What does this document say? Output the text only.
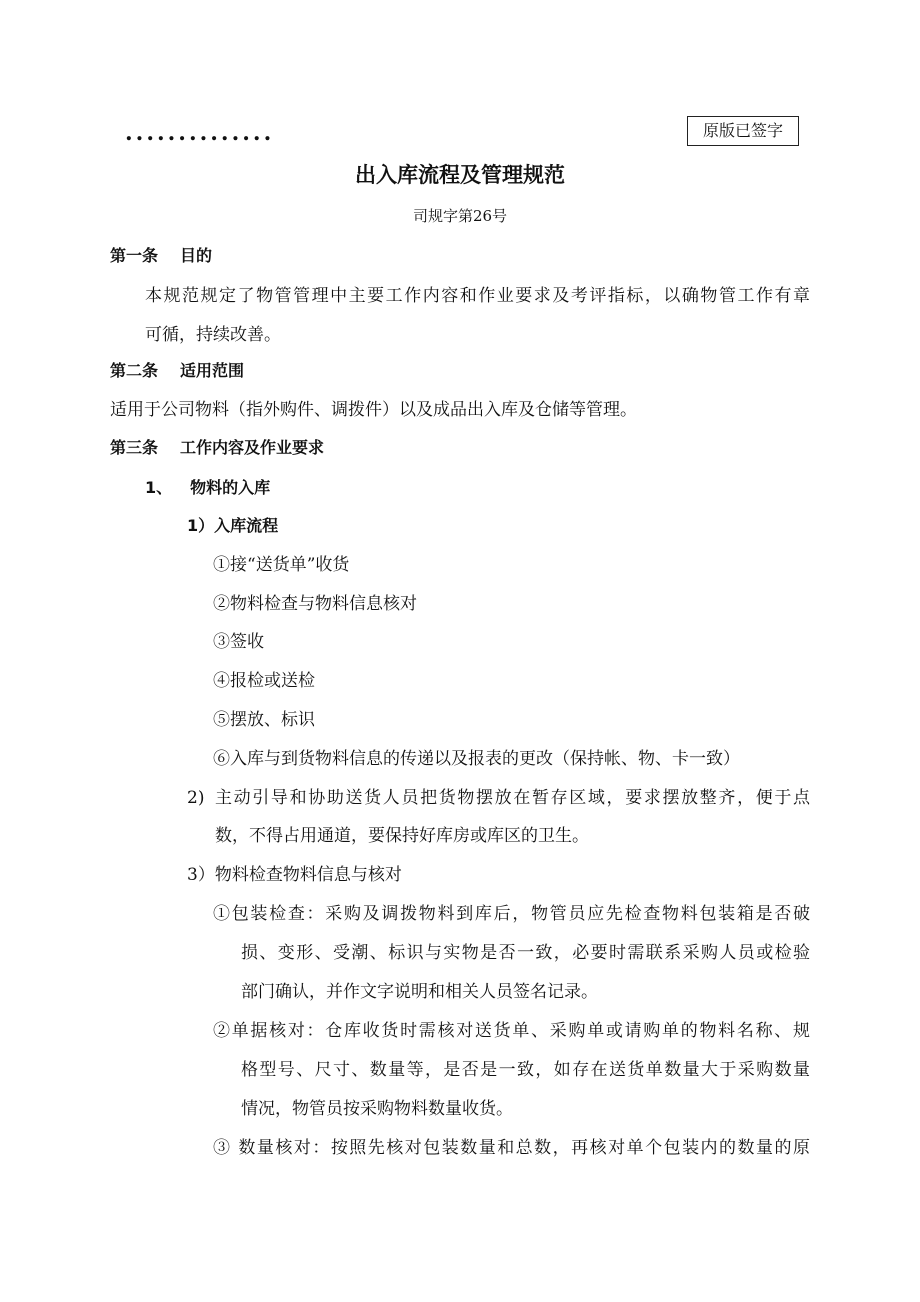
..............	原版已签字
出入库流程及管理规范
司规字第26号
第一条 目的
本规范规定了物管管理中主要工作内容和作业要求及考评指标，以确物管工作有章
可循，持续改善。
第二条 适用范围
适用于公司物料（指外购件、调拨件）以及成品出入库及仓储等管理。
第三条 工作内容及作业要求
1、 物料的入库
1）入库流程
①接“送货单”收货
②物料检查与物料信息核对
③签收
④报检或送检
⑤摆放、标识
⑥入库与到货物料信息的传递以及报表的更改（保持帐、物、卡一致）
2) 主动引导和协助送货人员把货物摆放在暂存区域，要求摆放整齐，便于点
数，不得占用通道，要保持好库房或库区的卫生。
3）物料检查物料信息与核对
①包装检查：采购及调拨物料到库后，物管员应先检查物料包装箱是否破
损、变形、受潮、标识与实物是否一致，必要时需联系采购人员或检验
部门确认，并作文字说明和相关人员签名记录。
②单据核对：仓库收货时需核对送货单、采购单或请购单的物料名称、规
格型号、尺寸、数量等，是否是一致，如存在送货单数量大于采购数量
情况，物管员按采购物料数量收货。
③ 数量核对：按照先核对包装数量和总数，再核对单个包装内的数量的原
